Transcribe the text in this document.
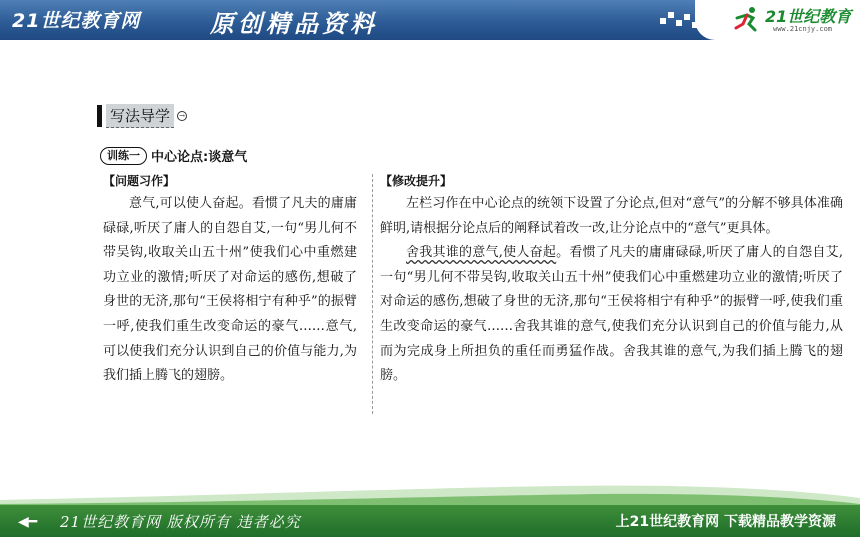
21世纪教育网	原创精品资料	21世纪教育
www.21cnjy.com
写法导学	→
训练一 中心论点:谈意气
【问题习作】

意气,可以使人奋起。看惯了凡夫的庸庸碌碌,听厌了庸人的自怨自艾,一句“男儿何不带吴钩,收取关山五十州”使我们心中重燃建功立业的激情;听厌了对命运的感伤,想破了身世的无济,那句“王侯将相宁有种乎”的振臂一呼,使我们重生改变命运的豪气……意气,可以使我们充分认识到自己的价值与能力,为我们插上腾飞的翅膀。

【修改提升】

左栏习作在中心论点的统领下设置了分论点,但对“意气”的分解不够具体准确鲜明,请根据分论点后的阐释试着改一改,让分论点中的“意气”更具体。

舍我其谁的意气,使人奋起。看惯了凡夫的庸庸碌碌,听厌了庸人的自怨自艾,一句“男儿何不带吴钩,收取关山五十州”使我们心中重燃建功立业的激情;听厌了对命运的感伤,想破了身世的无济,那句“王侯将相宁有种乎”的振臂一呼,使我们重生改变命运的豪气……舍我其谁的意气,使我们充分认识到自己的价值与能力,从而为完成身上所担负的重任而勇猛作战。舍我其谁的意气,为我们插上腾飞的翅膀。

◀━ 21世纪教育网 版权所有 违者必究	上21世纪教育网 下载精品教学资源
